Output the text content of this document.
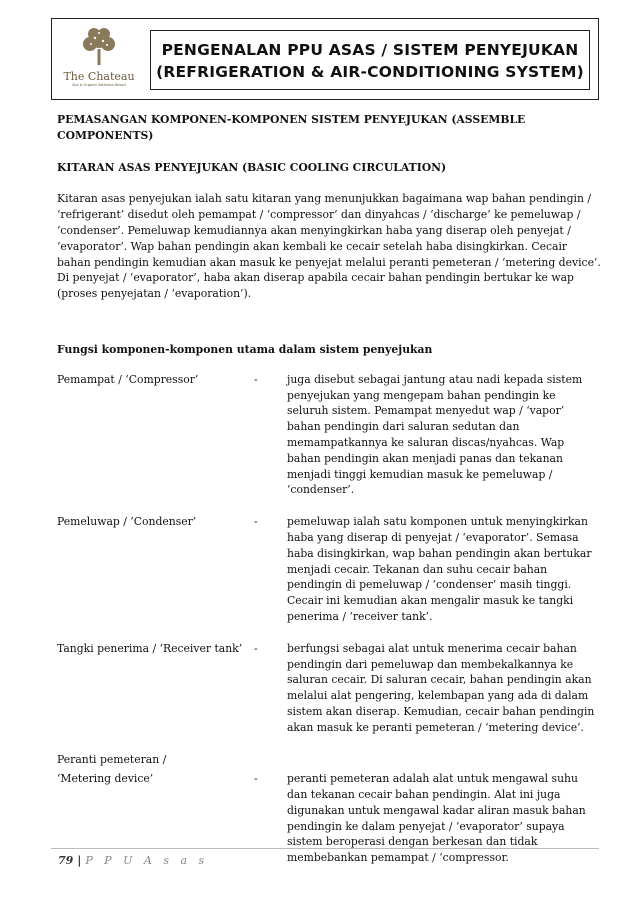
The Chateau
Spa & Organic Wellness Resort
PENGENALAN PPU ASAS / SISTEM PENYEJUKAN
(REFRIGERATION & AIR-CONDITIONING SYSTEM)

PEMASANGAN KOMPONEN-KOMPONEN SISTEM PENYEJUKAN (ASSEMBLE COMPONENTS)

KITARAN ASAS PENYEJUKAN (BASIC COOLING CIRCULATION)

Kitaran asas penyejukan ialah satu kitaran yang menunjukkan bagaimana wap bahan pendingin / ‘refrigerant’ disedut oleh pemampat / ‘compressor’ dan dinyahcas / ‘discharge’ ke pemeluwap / ‘condenser’. Pemeluwap kemudiannya akan menyingkirkan haba yang diserap oleh penyejat / ‘evaporator’. Wap bahan pendingin akan kembali ke cecair setelah haba disingkirkan. Cecair bahan pendingin kemudian akan masuk ke penyejat melalui peranti pemeteran / ‘metering device’. Di penyejat / ‘evaporator’, haba akan diserap apabila cecair bahan pendingin bertukar ke wap (proses penyejatan / ‘evaporation’).

Fungsi komponen-komponen utama dalam sistem penyejukan

Pemampat / ‘Compressor’	-	juga disebut sebagai jantung atau nadi kepada sistem penyejukan yang mengepam bahan pendingin ke seluruh sistem. Pemampat menyedut wap / ‘vapor’ bahan pendingin dari saluran sedutan dan memampatkannya ke saluran discas/nyahcas. Wap bahan pendingin akan menjadi panas dan tekanan menjadi tinggi kemudian masuk ke pemeluwap / ‘condenser’.
Pemeluwap / ‘Condenser’	-	pemeluwap ialah satu komponen untuk menyingkirkan haba yang diserap di penyejat / ‘evaporator’. Semasa haba disingkirkan, wap bahan pendingin akan bertukar menjadi cecair. Tekanan dan suhu cecair bahan pendingin di pemeluwap / ‘condenser’ masih tinggi. Cecair ini kemudian akan mengalir masuk ke tangki penerima / ‘receiver tank’.
Tangki penerima / ‘Receiver tank’	-	berfungsi sebagai alat untuk menerima cecair bahan pendingin dari pemeluwap dan membekalkannya ke saluran cecair. Di saluran cecair, bahan pendingin akan melalui alat pengering, kelembapan yang ada di dalam sistem akan diserap. Kemudian, cecair bahan pendingin akan masuk ke peranti pemeteran / ‘metering device’.
Peranti pemeteran /
‘Metering device’	-	peranti pemeteran adalah alat untuk mengawal suhu dan tekanan cecair bahan pendingin. Alat ini juga digunakan untuk mengawal kadar aliran masuk bahan pendingin ke dalam penyejat / ‘evaporator’ supaya sistem beroperasi dengan berkesan dan tidak membebankan pemampat / ‘compressor.
79 | P P U A s a s
